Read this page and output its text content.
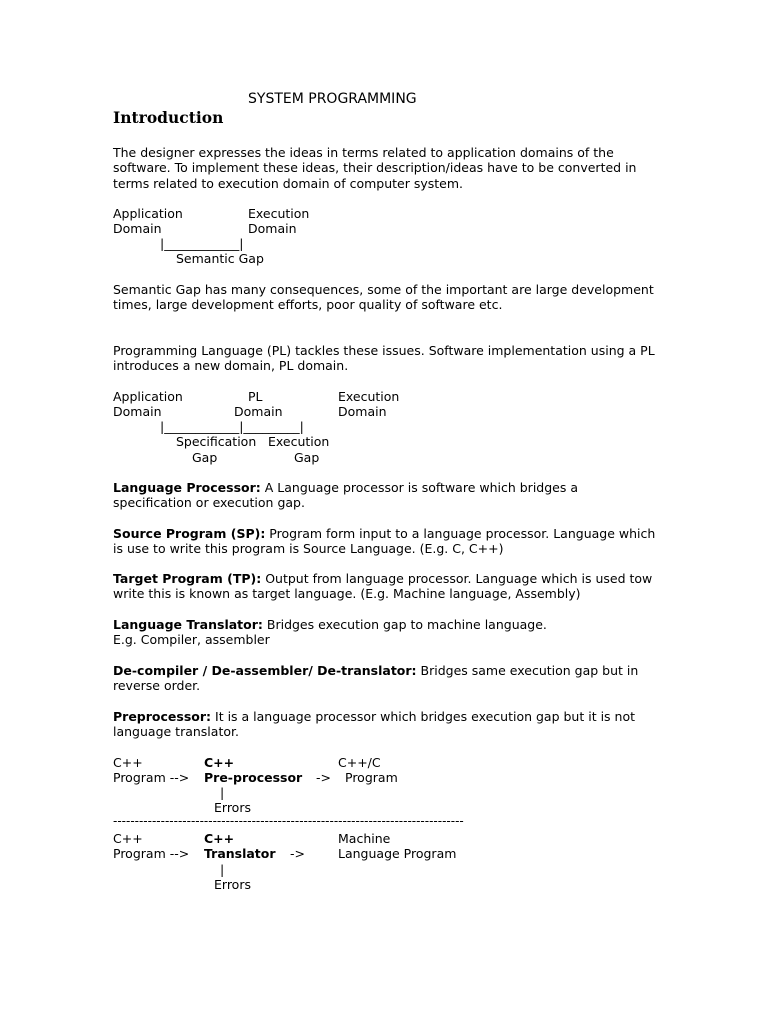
SYSTEM PROGRAMMING
Introduction
The designer expresses the ideas in terms related to application domains of the software. To implement these ideas, their description/ideas have to be converted in terms related to execution domain of computer system.
Application
Domain
Execution
Domain
|____________|
Semantic Gap
Semantic Gap has many consequences, some of the important are large development times, large development efforts, poor quality of software etc.
Programming Language (PL) tackles these issues. Software implementation using a PL introduces a new domain, PL domain.
Application
Domain
PL
Domain
Execution
Domain
|____________|_________|
Specification
Gap
Execution
Gap
Language Processor: A Language processor is software which bridges a specification or execution gap.
Source Program (SP): Program form input to a language processor. Language which is use to write this program is Source Language. (E.g. C, C++)
Target Program (TP): Output from language processor. Language which is used tow write this is known as target language. (E.g. Machine language, Assembly)
Language Translator: Bridges execution gap to machine language.
E.g. Compiler, assembler
De-compiler / De-assembler/ De-translator: Bridges same execution gap but in reverse order.
Preprocessor: It is a language processor which bridges execution gap but it is not language translator.
C++
Program -->
C++
Pre-processor ->
C++/C
Program
|
Errors
---------------------------------------------------------------------------------
C++
Program -->
C++
Translator ->
Machine
Language Program
|
Errors
